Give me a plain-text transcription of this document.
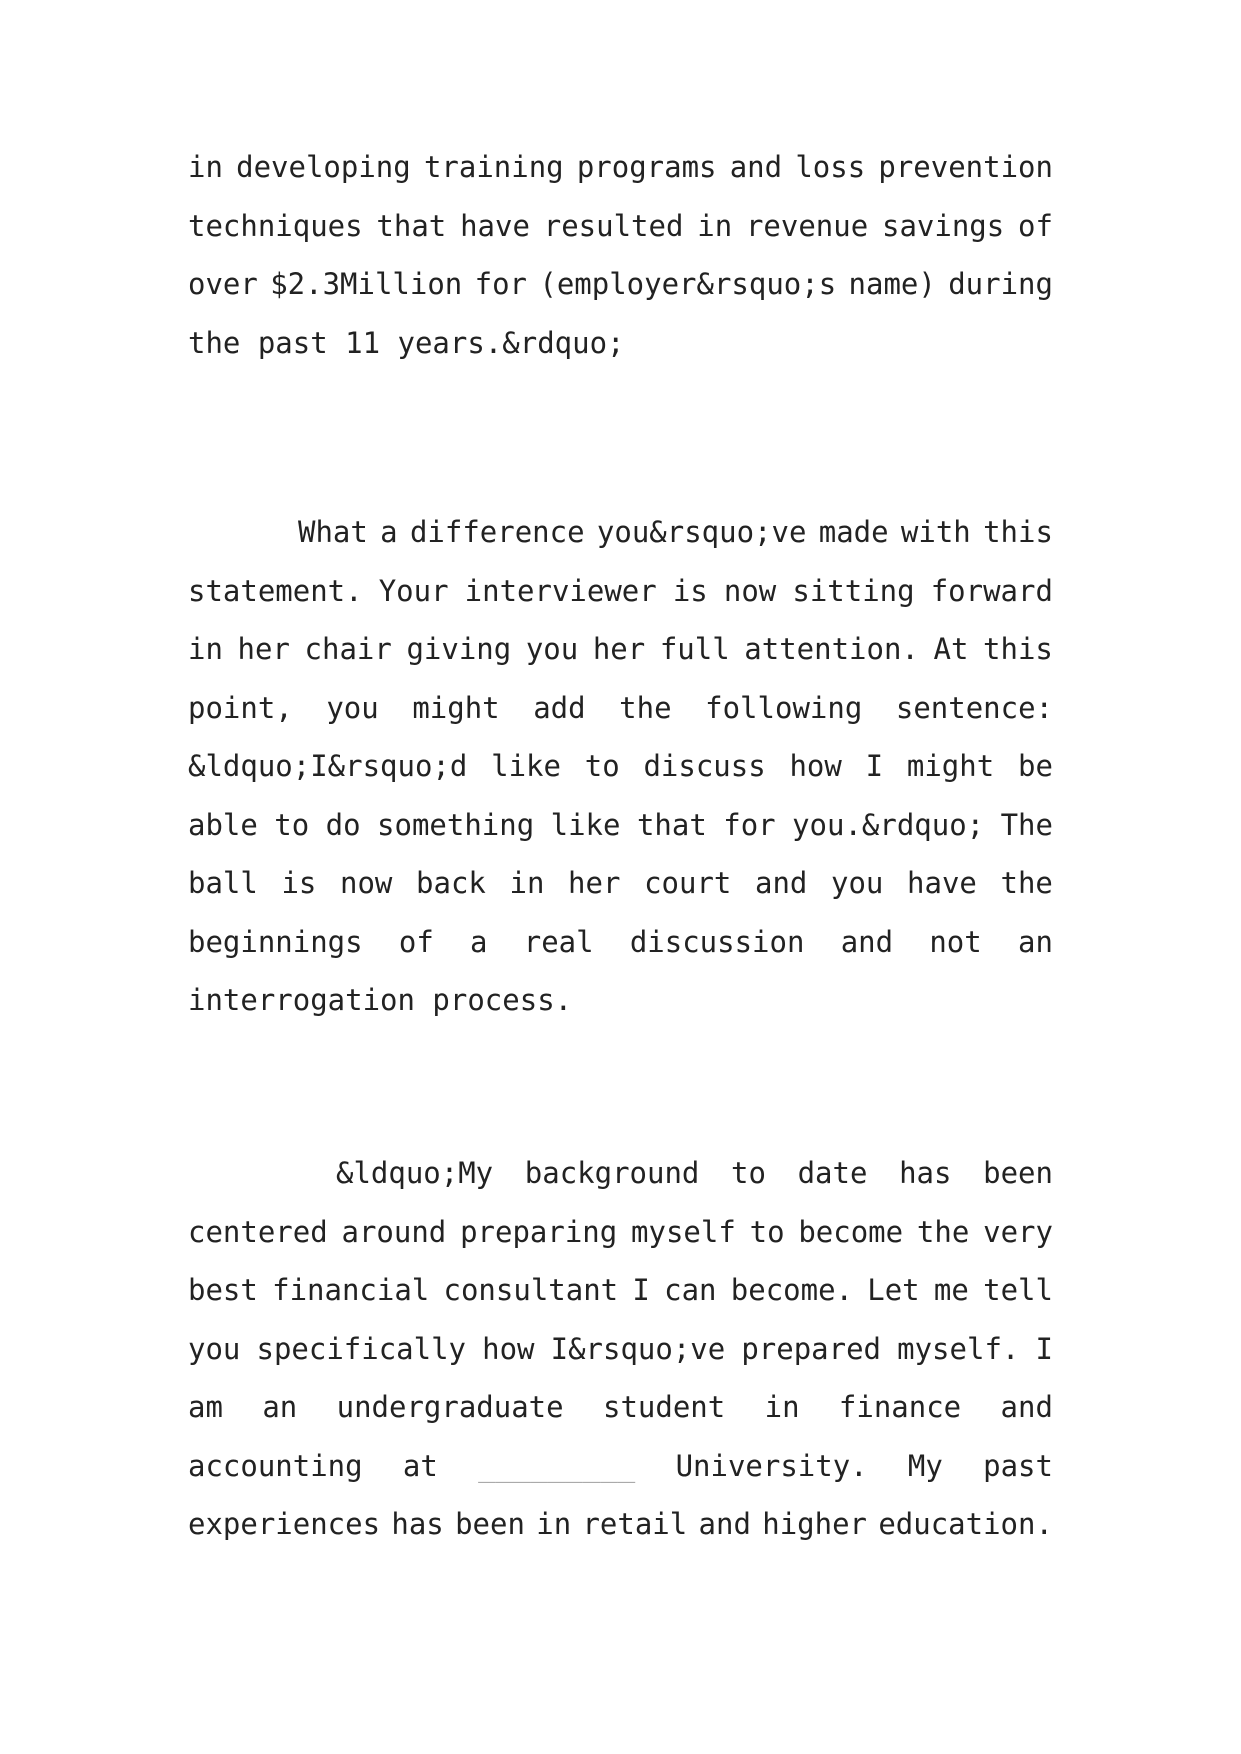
in developing training programs and loss prevention
techniques that have resulted in revenue savings of
over $2.3Million for (employer&rsquo;s name) during
the past 11 years.&rdquo;
What a difference you&rsquo;ve made with this
statement. Your interviewer is now sitting forward
in her chair giving you her full attention. At this
point, you might add the following sentence:
&ldquo;I&rsquo;d like to discuss how I might be
able to do something like that for you.&rdquo; The
ball is now back in her court and you have the
beginnings of a real discussion and not an
interrogation process.
&ldquo;My background to date has been
centered around preparing myself to become the very
best financial consultant I can become. Let me tell
you specifically how I&rsquo;ve prepared myself. I
am an undergraduate student in finance and
accounting at _________ University. My past
experiences has been in retail and higher education.
